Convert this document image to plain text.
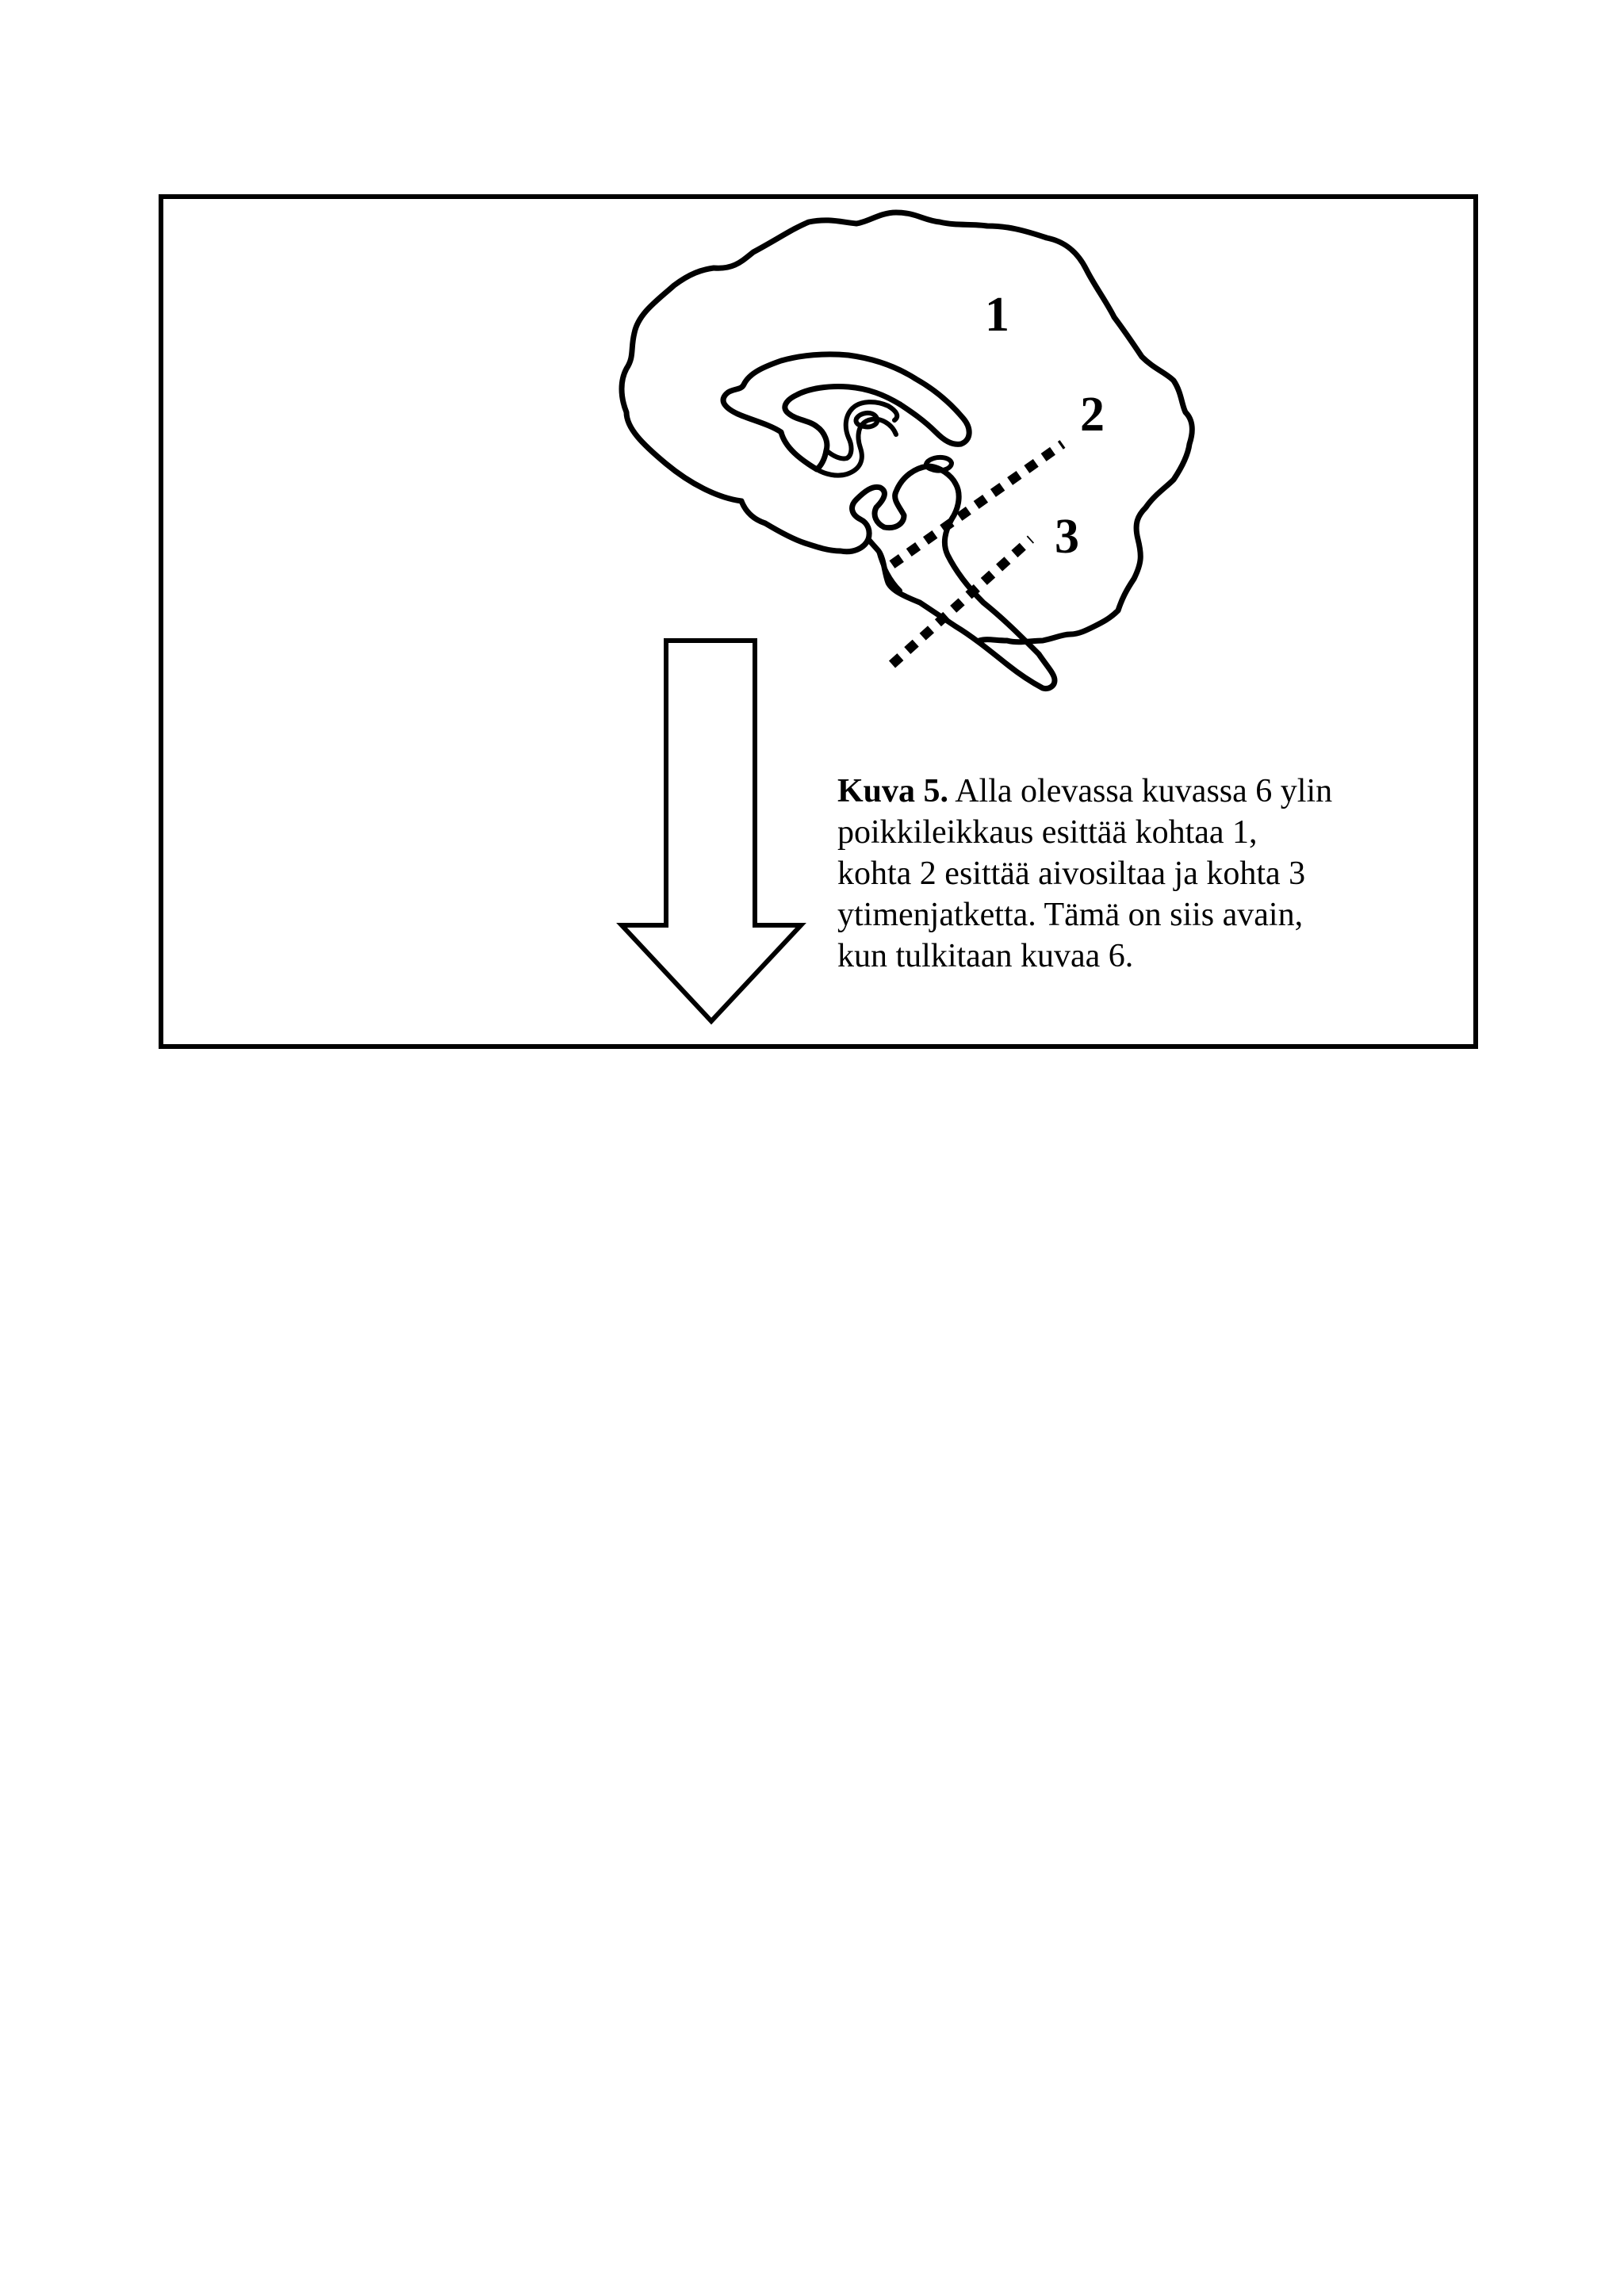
1
2
3
Kuva 5. Alla olevassa kuvassa 6 ylin
poikkileikkaus esittää kohtaa 1,
kohta 2 esittää aivosiltaa ja kohta 3
ytimenjatketta. Tämä on siis avain,
kun tulkitaan kuvaa 6.
